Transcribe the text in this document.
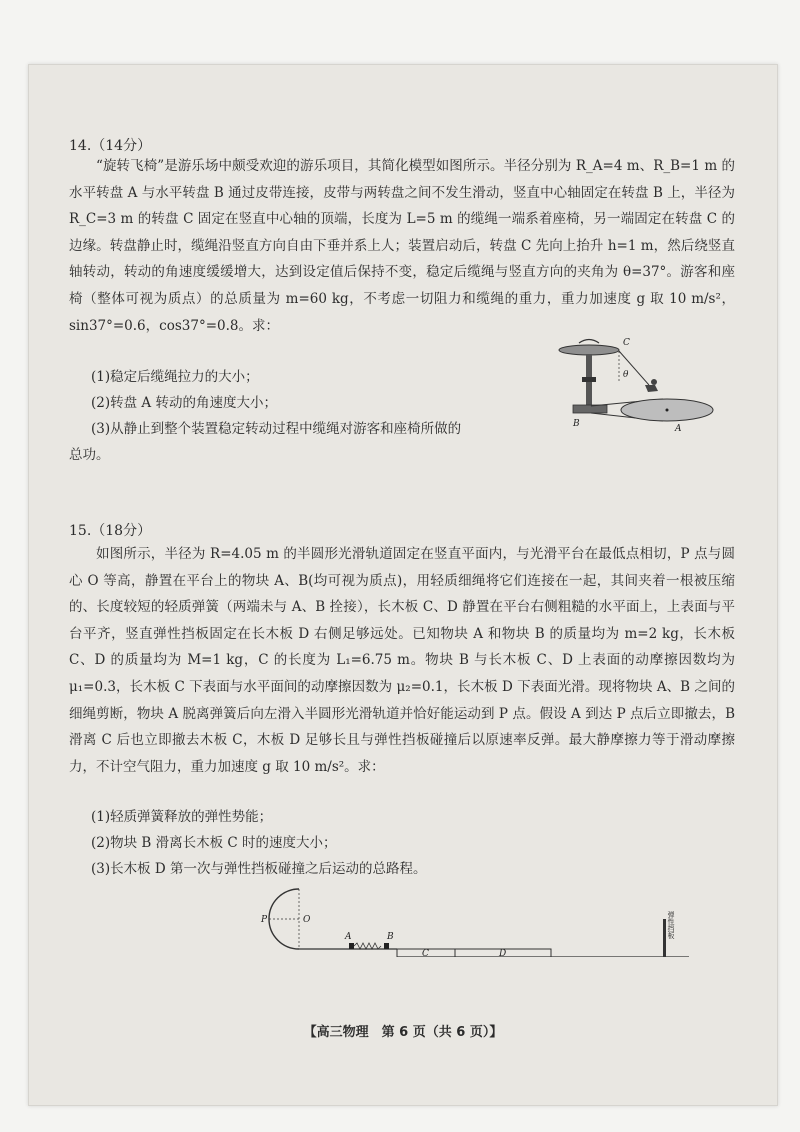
14.（14分）

“旋转飞椅”是游乐场中颇受欢迎的游乐项目，其简化模型如图所示。半径分别为 R_A=4 m、R_B=1 m 的水平转盘 A 与水平转盘 B 通过皮带连接，皮带与两转盘之间不发生滑动，竖直中心轴固定在转盘 B 上，半径为 R_C=3 m 的转盘 C 固定在竖直中心轴的顶端，长度为 L=5 m 的缆绳一端系着座椅，另一端固定在转盘 C 的边缘。转盘静止时，缆绳沿竖直方向自由下垂并系上人；装置启动后，转盘 C 先向上抬升 h=1 m，然后绕竖直轴转动，转动的角速度缓缓增大，达到设定值后保持不变，稳定后缆绳与竖直方向的夹角为 θ=37°。游客和座椅（整体可视为质点）的总质量为 m=60 kg，不考虑一切阻力和缆绳的重力，重力加速度 g 取 10 m/s²，sin37°=0.6，cos37°=0.8。求：

(1)稳定后缆绳拉力的大小；
(2)转盘 A 转动的角速度大小；
(3)从静止到整个装置稳定转动过程中缆绳对游客和座椅所做的
总功。
C
θ
B	A
15.（18分）

如图所示，半径为 R=4.05 m 的半圆形光滑轨道固定在竖直平面内，与光滑平台在最低点相切，P 点与圆心 O 等高，静置在平台上的物块 A、B(均可视为质点)，用轻质细绳将它们连接在一起，其间夹着一根被压缩的、长度较短的轻质弹簧（两端未与 A、B 拴接），长木板 C、D 静置在平台右侧粗糙的水平面上，上表面与平台平齐，竖直弹性挡板固定在长木板 D 右侧足够远处。已知物块 A 和物块 B 的质量均为 m=2 kg，长木板 C、D 的质量均为 M=1 kg，C 的长度为 L₁=6.75 m。物块 B 与长木板 C、D 上表面的动摩擦因数均为 μ₁=0.3，长木板 C 下表面与水平面间的动摩擦因数为 μ₂=0.1，长木板 D 下表面光滑。现将物块 A、B 之间的细绳剪断，物块 A 脱离弹簧后向左滑入半圆形光滑轨道并恰好能运动到 P 点。假设 A 到达 P 点后立即撤去，B 滑离 C 后也立即撤去木板 C，木板 D 足够长且与弹性挡板碰撞后以原速率反弹。最大静摩擦力等于滑动摩擦力，不计空气阻力，重力加速度 g 取 10 m/s²。求：

(1)轻质弹簧释放的弹性势能；
(2)物块 B 滑离长木板 C 时的速度大小；
(3)长木板 D 第一次与弹性挡板碰撞之后运动的总路程。
P	O
A	B
C	D
弹性挡板
【高三物理　第 6 页（共 6 页）】
